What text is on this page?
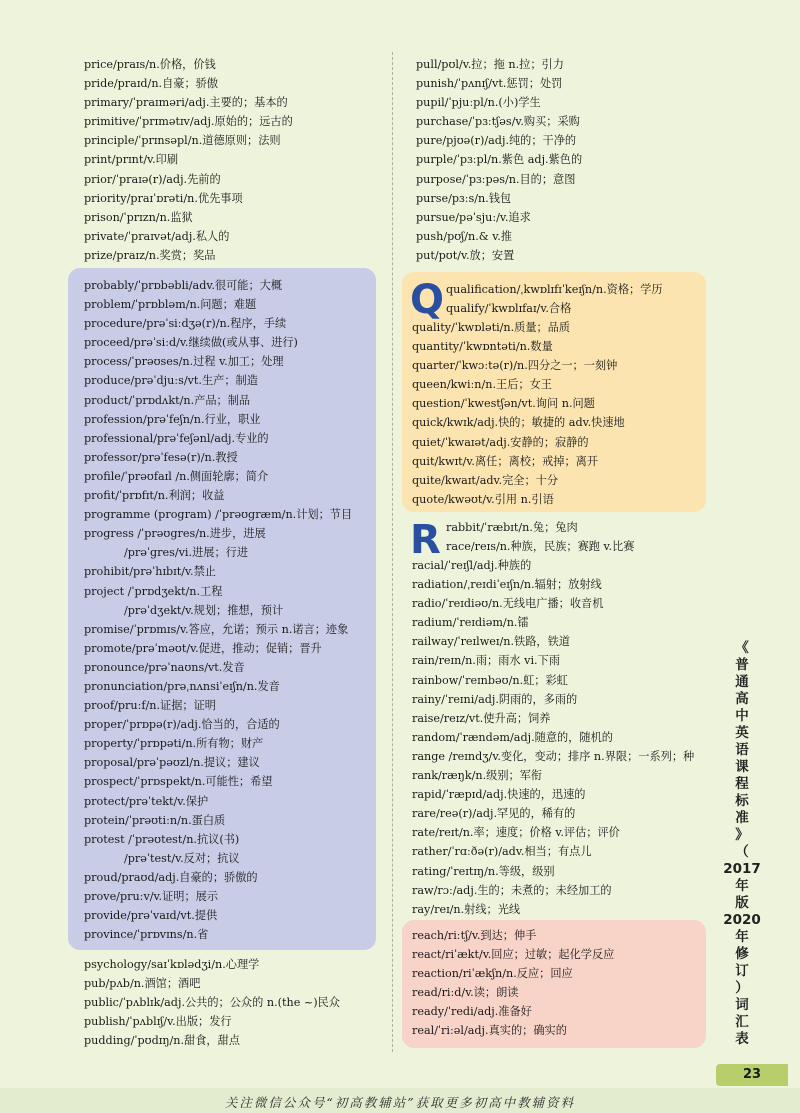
price/praɪs/n.价格，价钱
pride/praɪd/n.自豪；骄傲
primary/ˈpraɪməri/adj.主要的；基本的
primitive/ˈprɪmətɪv/adj.原始的；远古的
principle/ˈprɪnsəpl/n.道德原则；法则
print/prɪnt/v.印刷
prior/ˈpraɪə(r)/adj.先前的
priority/praɪˈɒrəti/n.优先事项
prison/ˈprɪzn/n.监狱
private/ˈpraɪvət/adj.私人的
prize/praɪz/n.奖赏；奖品
probably/ˈprɒbəbli/adv.很可能；大概
problem/ˈprɒbləm/n.问题；难题
procedure/prəˈsiːdʒə(r)/n.程序，手续
proceed/prəˈsiːd/v.继续做(或从事、进行)
process/ˈprəʊses/n.过程 v.加工；处理
produce/prəˈdjuːs/vt.生产；制造
product/ˈprɒdʌkt/n.产品；制品
profession/prəˈfeʃn/n.行业，职业
professional/prəˈfeʃənl/adj.专业的
professor/prəˈfesə(r)/n.教授
profile/ˈprəʊfaɪl /n.侧面轮廓；简介
profit/ˈprɒfɪt/n.利润；收益
programme (program) /ˈprəʊgræm/n.计划；节目
progress /ˈprəʊgres/n.进步，进展
/prəˈgres/vi.进展；行进
prohibit/prəˈhɪbɪt/v.禁止
project /ˈprɒdʒekt/n.工程
/prəˈdʒekt/v.规划；推想，预计
promise/ˈprɒmɪs/v.答应，允诺；预示 n.诺言；迹象
promote/prəˈməʊt/v.促进，推动；促销；晋升
pronounce/prəˈnaʊns/vt.发音
pronunciation/prəˌnʌnsiˈeɪʃn/n.发音
proof/pruːf/n.证据；证明
proper/ˈprɒpə(r)/adj.恰当的，合适的
property/ˈprɒpəti/n.所有物；财产
proposal/prəˈpəʊzl/n.提议；建议
prospect/ˈprɒspekt/n.可能性；希望
protect/prəˈtekt/v.保护
protein/ˈprəʊtiːn/n.蛋白质
protest /ˈprəʊtest/n.抗议(书)
/prəˈtest/v.反对；抗议
proud/praʊd/adj.自豪的；骄傲的
prove/pruːv/v.证明；展示
provide/prəˈvaɪd/vt.提供
province/ˈprɒvɪns/n.省
psychology/saɪˈkɒlədʒi/n.心理学
pub/pʌb/n.酒馆；酒吧
public/ˈpʌblɪk/adj.公共的；公众的 n.(the ~)民众
publish/ˈpʌblɪʃ/v.出版；发行
pudding/ˈpʊdɪŋ/n.甜食，甜点
pull/pʊl/v.拉；拖 n.拉；引力
punish/ˈpʌnɪʃ/vt.惩罚；处罚
pupil/ˈpjuːpl/n.(小)学生
purchase/ˈpɜːtʃəs/v.购买；采购
pure/pjʊə(r)/adj.纯的；干净的
purple/ˈpɜːpl/n.紫色 adj.紫色的
purpose/ˈpɜːpəs/n.目的；意图
purse/pɜːs/n.钱包
pursue/pəˈsjuː/v.追求
push/pʊʃ/n.& v.推
put/pʊt/v.放；安置
Q qualification/ˌkwɒlɪfɪˈkeɪʃn/n.资格；学历
qualify/ˈkwɒlɪfaɪ/v.合格
quality/ˈkwɒləti/n.质量；品质
quantity/ˈkwɒntəti/n.数量
quarter/ˈkwɔːtə(r)/n.四分之一；一刻钟
queen/kwiːn/n.王后；女王
question/ˈkwestʃən/vt.询问 n.问题
quick/kwɪk/adj.快的；敏捷的 adv.快速地
quiet/ˈkwaɪət/adj.安静的；寂静的
quit/kwɪt/v.离任；离校；戒掉；离开
quite/kwaɪt/adv.完全；十分
quote/kwəʊt/v.引用 n.引语
R rabbit/ˈræbɪt/n.兔；兔肉
race/reɪs/n.种族，民族；赛跑 v.比赛
racial/ˈreɪʃl/adj.种族的
radiation/ˌreɪdiˈeɪʃn/n.辐射；放射线
radio/ˈreɪdiəʊ/n.无线电广播；收音机
radium/ˈreɪdiəm/n.镭
railway/ˈreɪlweɪ/n.铁路，铁道
rain/reɪn/n.雨；雨水 vi.下雨
rainbow/ˈreɪnbəʊ/n.虹；彩虹
rainy/ˈreɪni/adj.阴雨的，多雨的
raise/reɪz/vt.使升高；饲养
random/ˈrændəm/adj.随意的，随机的
range /reɪndʒ/v.变化，变动；排序 n.界限；一系列；种
rank/ræŋk/n.级别；军衔
rapid/ˈræpɪd/adj.快速的，迅速的
rare/reə(r)/adj.罕见的，稀有的
rate/reɪt/n.率；速度；价格 v.评估；评价
rather/ˈrɑːðə(r)/adv.相当；有点儿
rating/ˈreɪtɪŋ/n.等级，级别
raw/rɔː/adj.生的；未煮的；未经加工的
ray/reɪ/n.射线；光线
reach/riːtʃ/v.到达；伸手
react/riˈækt/v.回应；过敏；起化学反应
reaction/riˈækʃn/n.反应；回应
read/riːd/v.读；朗读
ready/ˈredi/adj.准备好
real/ˈriːəl/adj.真实的；确实的
《
普
通
高
中
英
语
课
程
标
准
》
（
2017
年
版
2020
年
修
订
）
词
汇
表
23
关注微信公众号“初高教辅站”获取更多初高中教辅资料
